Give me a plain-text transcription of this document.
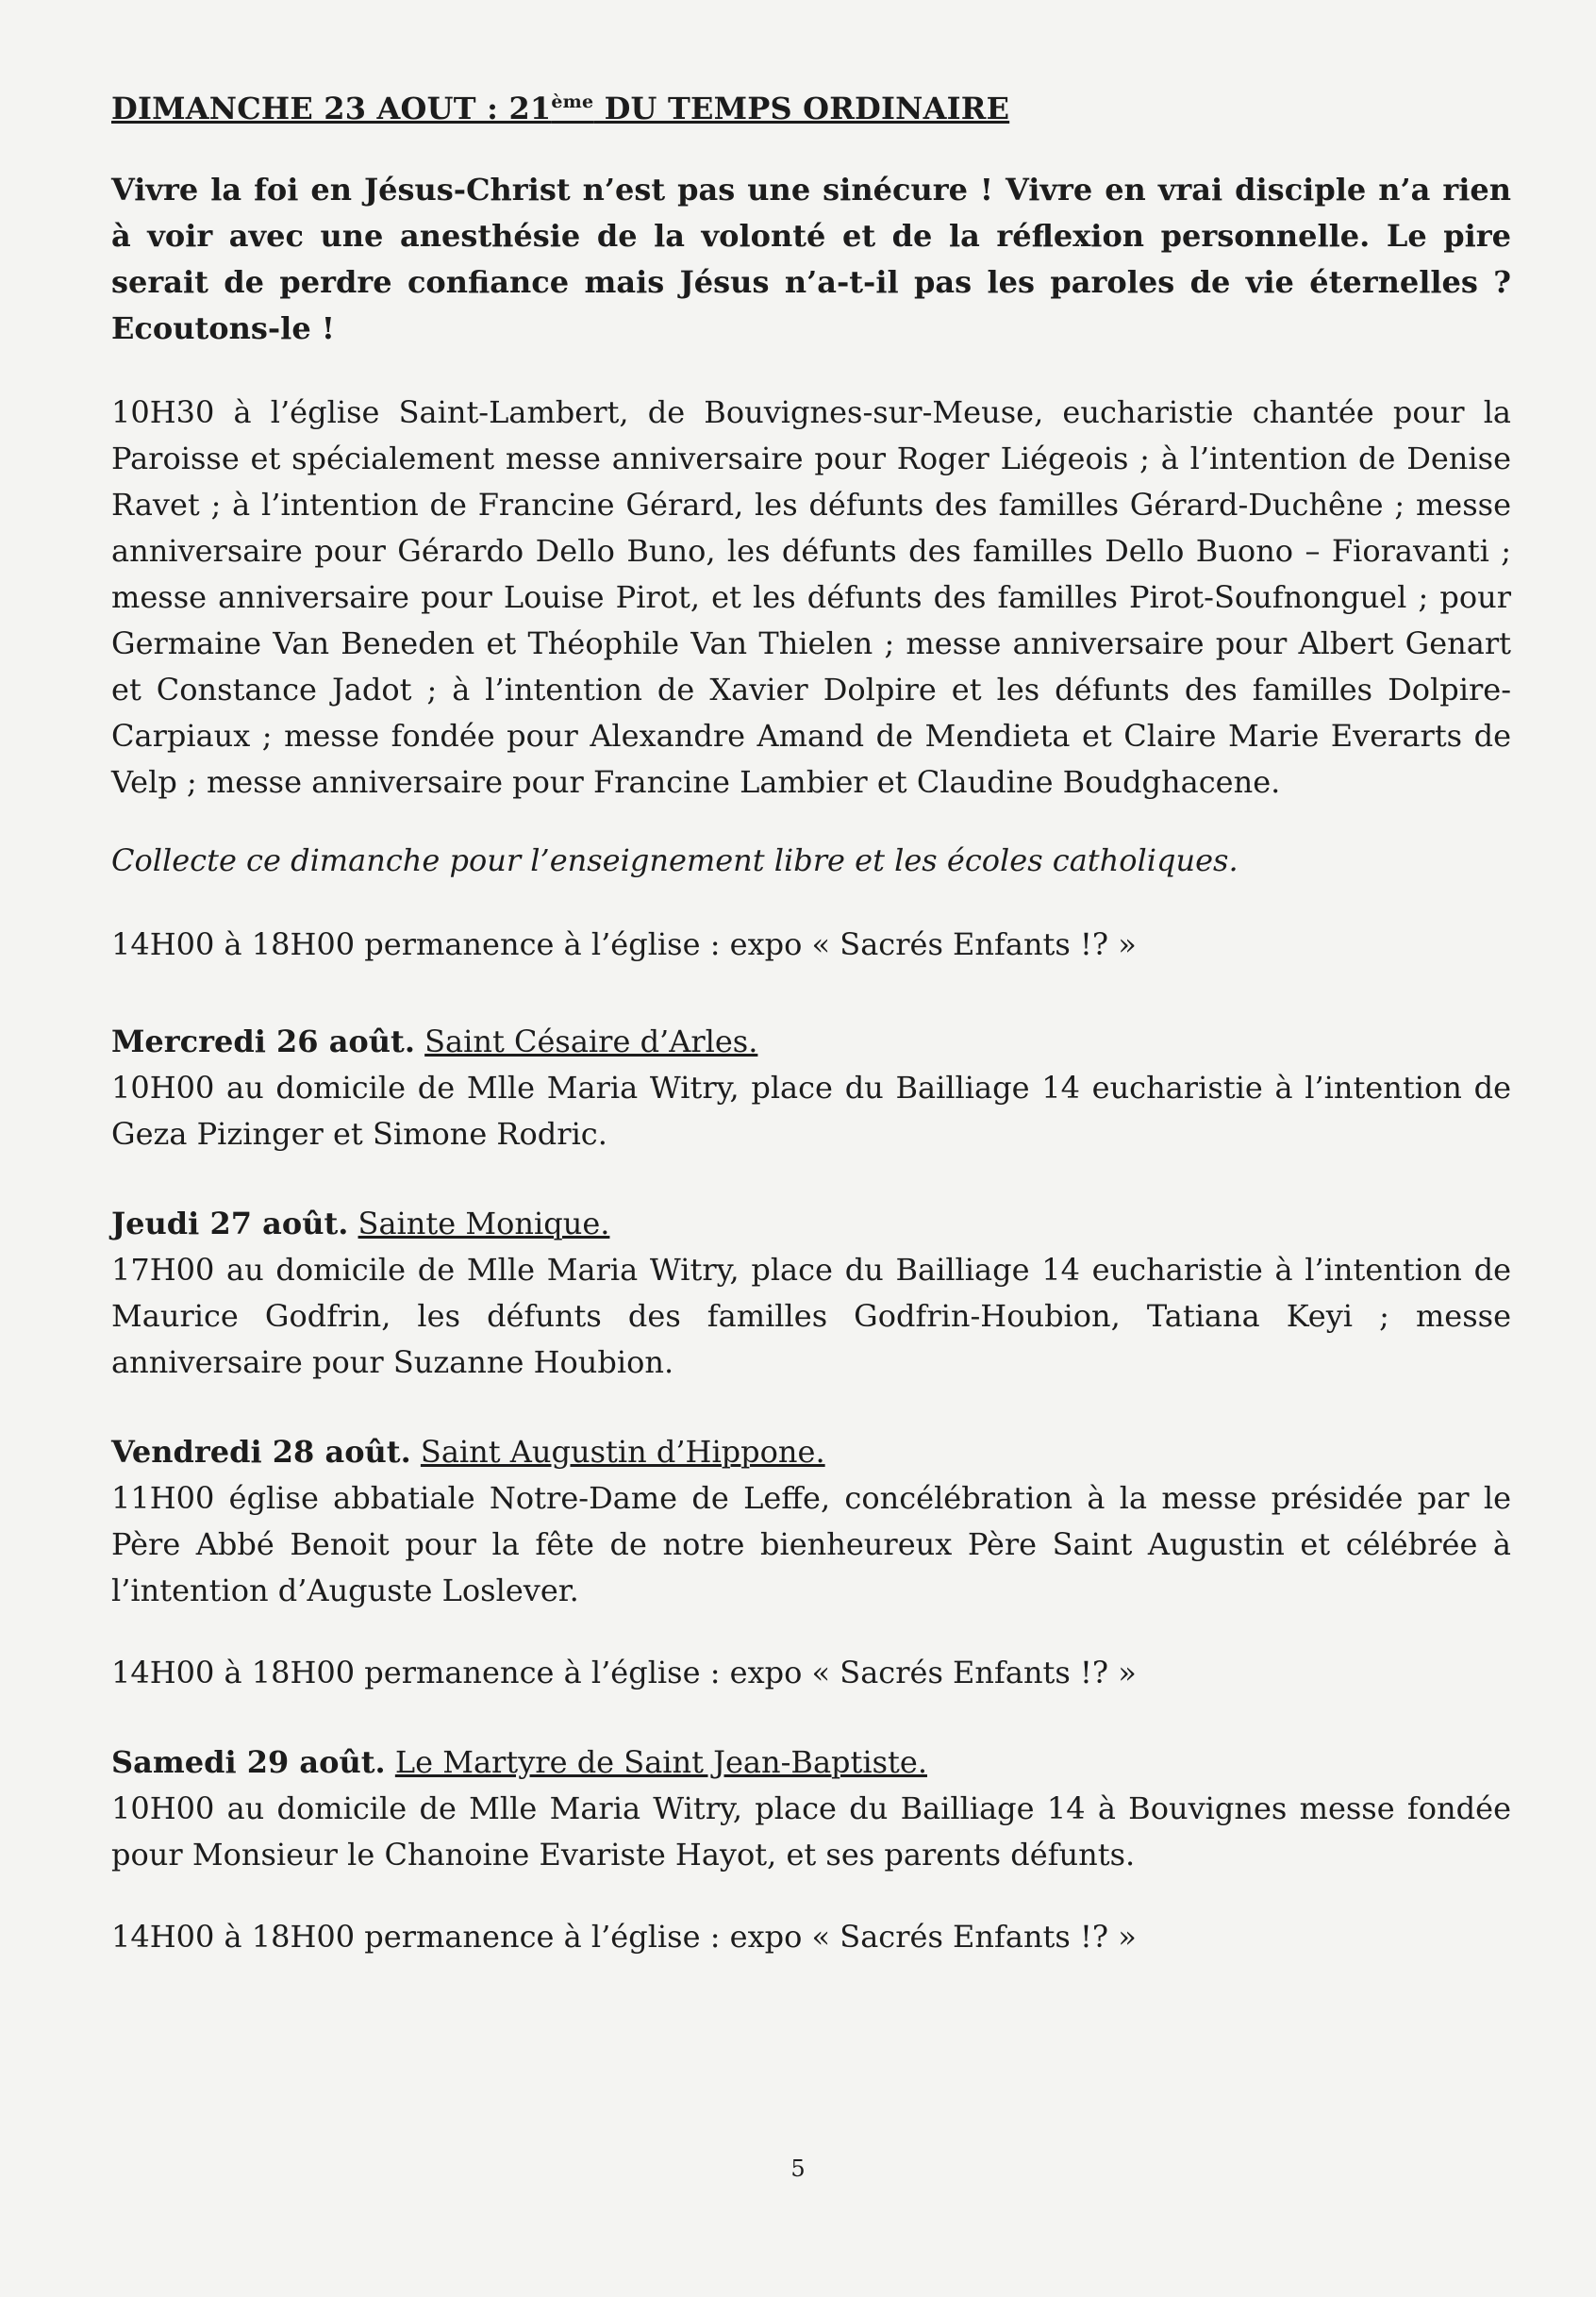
DIMANCHE 23 AOUT : 21ème DU TEMPS ORDINAIRE

Vivre la foi en Jésus-Christ n’est pas une sinécure ! Vivre en vrai disciple n’a rien à voir avec une anesthésie de la volonté et de la réflexion personnelle. Le pire serait de perdre confiance mais Jésus n’a-t-il pas les paroles de vie éternelles ? Ecoutons-le !

10H30 à l’église Saint-Lambert, de Bouvignes-sur-Meuse, eucharistie chantée pour la Paroisse et spécialement messe anniversaire pour Roger Liégeois ; à l’intention de Denise Ravet ; à l’intention de Francine Gérard, les défunts des familles Gérard-Duchêne ; messe anniversaire pour Gérardo Dello Buno, les défunts des familles Dello Buono – Fioravanti ; messe anniversaire pour Louise Pirot, et les défunts des familles Pirot-Soufnonguel ; pour Germaine Van Beneden et Théophile Van Thielen ; messe anniversaire pour Albert Genart et Constance Jadot ; à l’intention de Xavier Dolpire et les défunts des familles Dolpire-Carpiaux ; messe fondée pour Alexandre Amand de Mendieta et Claire Marie Everarts de Velp ; messe anniversaire pour Francine Lambier et Claudine Boudghacene.

Collecte ce dimanche pour l’enseignement libre et les écoles catholiques.

14H00 à 18H00 permanence à l’église : expo « Sacrés Enfants !? »

Mercredi 26 août. Saint Césaire d’Arles.

10H00 au domicile de Mlle Maria Witry, place du Bailliage 14 eucharistie à l’intention de Geza Pizinger et Simone Rodric.

Jeudi 27 août. Sainte Monique.

17H00 au domicile de Mlle Maria Witry, place du Bailliage 14 eucharistie à l’intention de Maurice Godfrin, les défunts des familles Godfrin-Houbion, Tatiana Keyi ; messe anniversaire pour Suzanne Houbion.

Vendredi 28 août. Saint Augustin d’Hippone.

11H00 église abbatiale Notre-Dame de Leffe, concélébration à la messe présidée par le Père Abbé Benoit pour la fête de notre bienheureux Père Saint Augustin et célébrée à l’intention d’Auguste Loslever.

14H00 à 18H00 permanence à l’église : expo « Sacrés Enfants !? »

Samedi 29 août. Le Martyre de Saint Jean-Baptiste.

10H00 au domicile de Mlle Maria Witry, place du Bailliage 14 à Bouvignes messe fondée pour Monsieur le Chanoine Evariste Hayot, et ses parents défunts.

14H00 à 18H00 permanence à l’église : expo « Sacrés Enfants !? »

5
